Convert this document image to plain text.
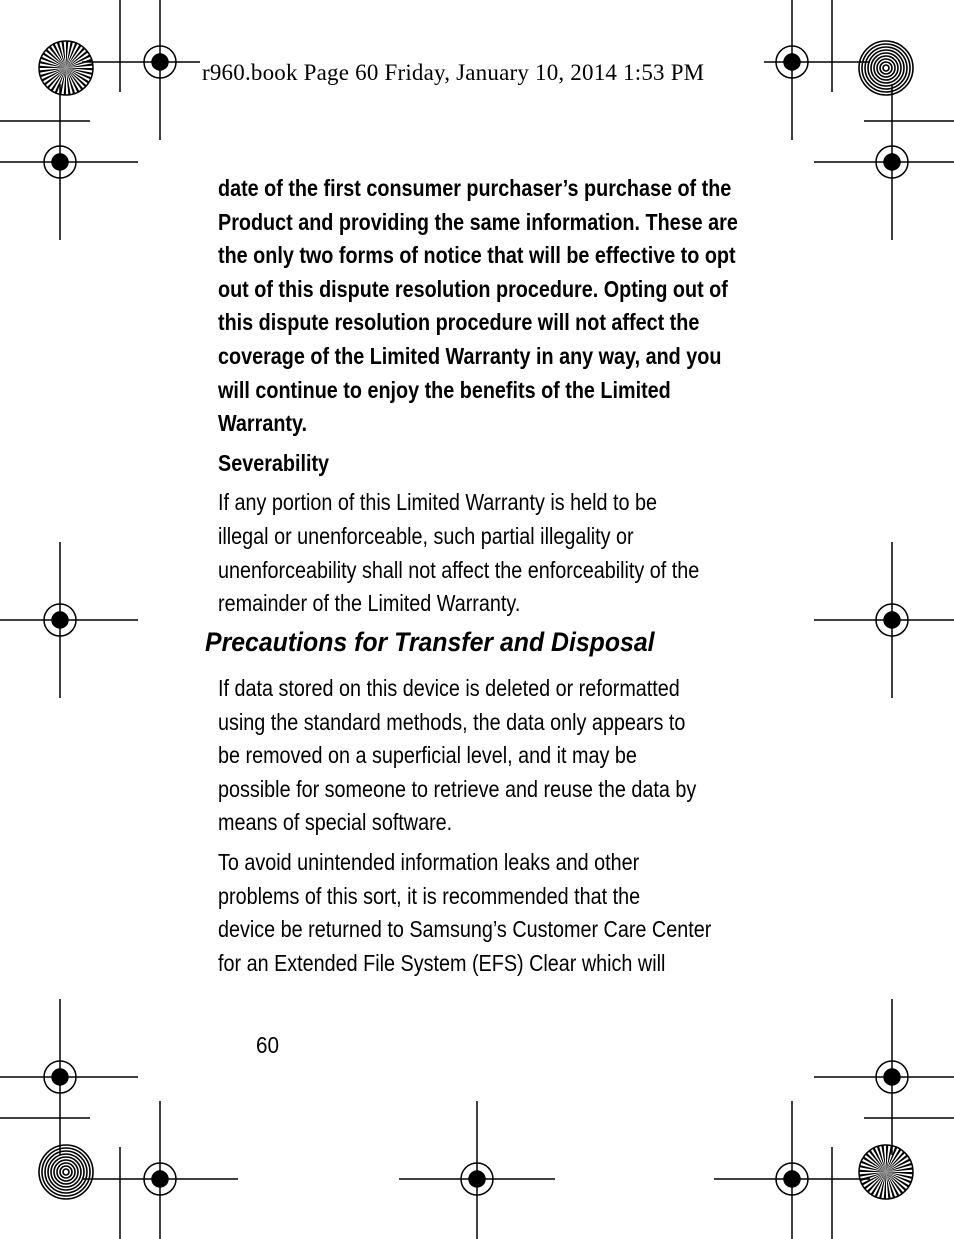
r960.book Page 60 Friday, January 10, 2014 1:53 PM

date of the first consumer purchaser’s purchase of the
Product and providing the same information. These are
the only two forms of notice that will be effective to opt
out of this dispute resolution procedure. Opting out of
this dispute resolution procedure will not affect the
coverage of the Limited Warranty in any way, and you
will continue to enjoy the benefits of the Limited
Warranty.

Severability

If any portion of this Limited Warranty is held to be
illegal or unenforceable, such partial illegality or
unenforceability shall not affect the enforceability of the
remainder of the Limited Warranty.

Precautions for Transfer and Disposal

If data stored on this device is deleted or reformatted
using the standard methods, the data only appears to
be removed on a superficial level, and it may be
possible for someone to retrieve and reuse the data by
means of special software.

To avoid unintended information leaks and other
problems of this sort, it is recommended that the
device be returned to Samsung’s Customer Care Center
for an Extended File System (EFS) Clear which will

60
